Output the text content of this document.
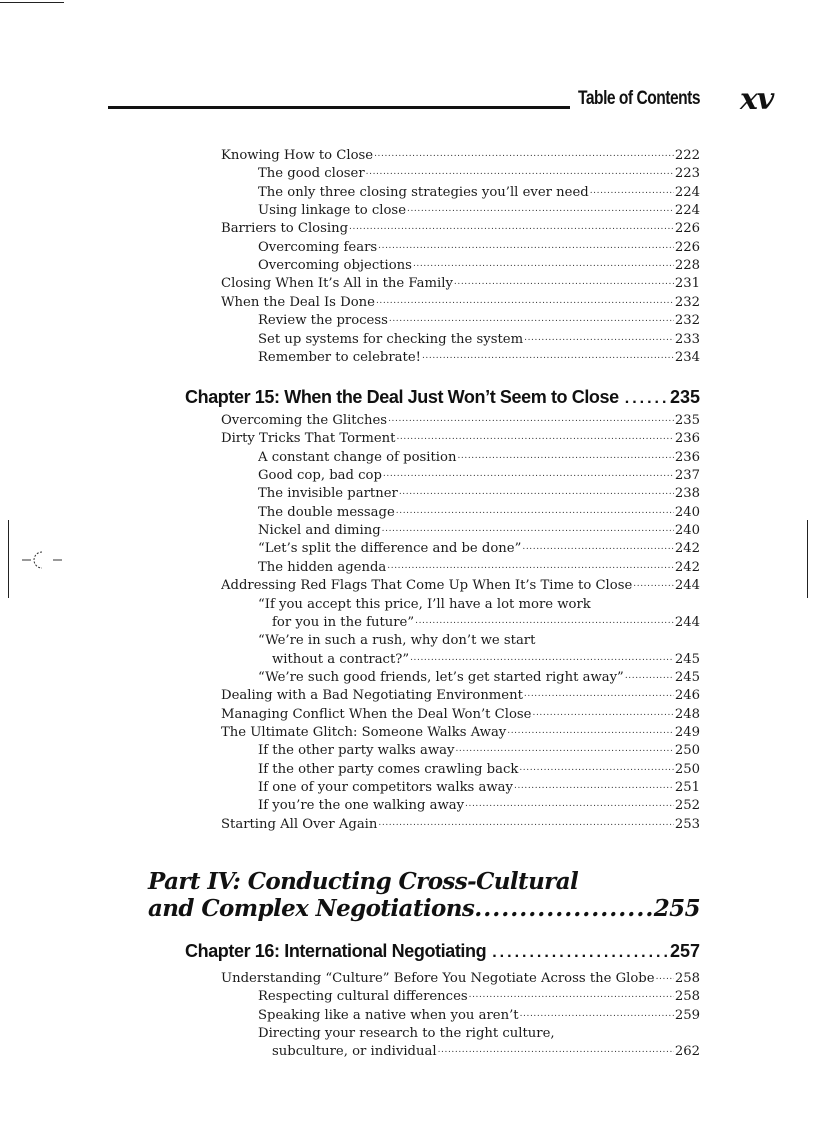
Table of Contents xv
Knowing How to Close .....	222
The good closer .....	223
The only three closing strategies you’ll ever need .....	224
Using linkage to close .....	224
Barriers to Closing .....	226
Overcoming fears .....	226
Overcoming objections .....	228
Closing When It’s All in the Family .....	231
When the Deal Is Done .....	232
Review the process .....	232
Set up systems for checking the system .....	233
Remember to celebrate! .....	234
Chapter 15: When the Deal Just Won’t Seem to Close .....	235
Overcoming the Glitches .....	235
Dirty Tricks That Torment .....	236
A constant change of position .....	236
Good cop, bad cop .....	237
The invisible partner .....	238
The double message .....	240
Nickel and diming .....	240
“Let’s split the difference and be done” .....	242
The hidden agenda .....	242
Addressing Red Flags That Come Up When It’s Time to Close .....	244
“If you accept this price, I’ll have a lot more work
for you in the future” .....	244
“We’re in such a rush, why don’t we start
without a contract?” .....	245
“We’re such good friends, let’s get started right away” .....	245
Dealing with a Bad Negotiating Environment .....	246
Managing Conflict When the Deal Won’t Close .....	248
The Ultimate Glitch: Someone Walks Away .....	249
If the other party walks away .....	250
If the other party comes crawling back .....	250
If one of your competitors walks away .....	251
If you’re the one walking away .....	252
Starting All Over Again .....	253
Part IV: Conducting Cross-Cultural
and Complex Negotiations .....	255
Chapter 16: International Negotiating .....	257
Understanding “Culture” Before You Negotiate Across the Globe ..... 258
Respecting cultural differences .....	258
Speaking like a native when you aren’t .....	259
Directing your research to the right culture,
subculture, or individual .....	262
